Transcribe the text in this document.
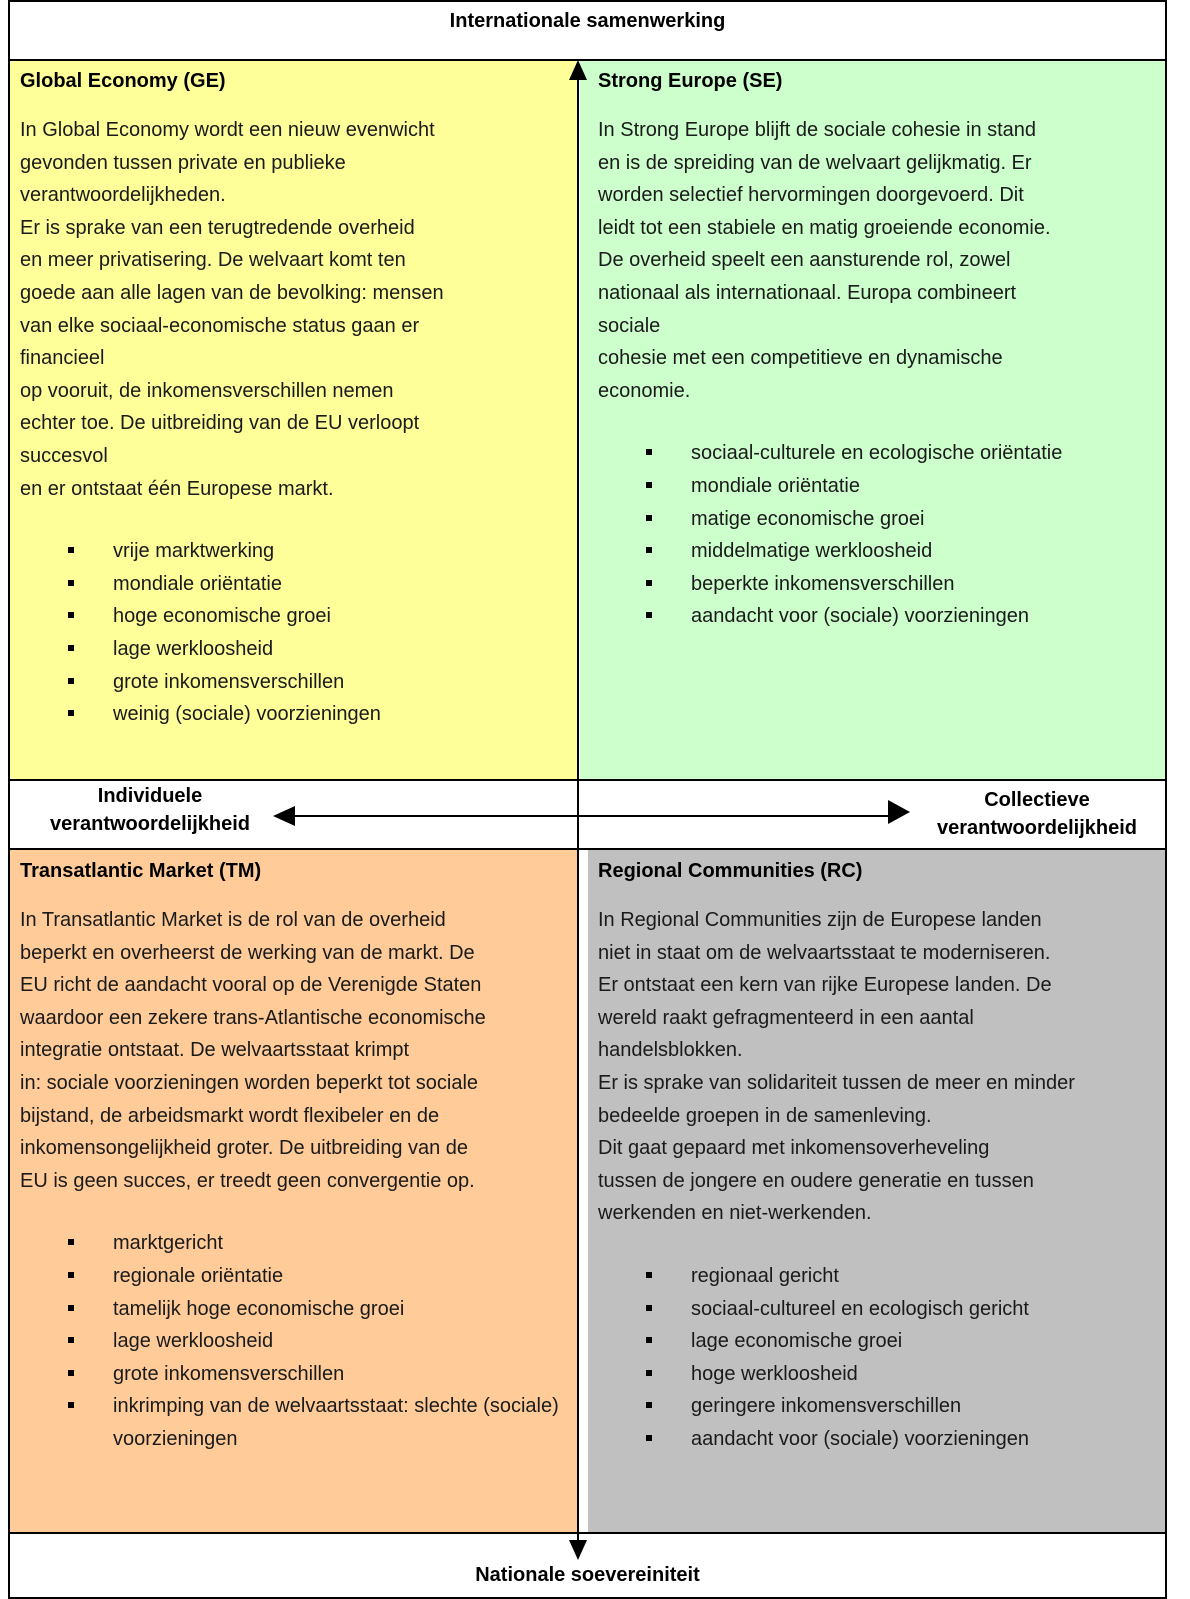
Global Economy (GE)
In Global Economy wordt een nieuw evenwicht
gevonden tussen private en publieke
verantwoordelijkheden.
Er is sprake van een terugtredende overheid
en meer privatisering. De welvaart komt ten
goede aan alle lagen van de bevolking: mensen
van elke sociaal-economische status gaan er
financieel
op vooruit, de inkomensverschillen nemen
echter toe. De uitbreiding van de EU verloopt
succesvol
en er ontstaat één Europese markt.
vrije marktwerking
mondiale oriëntatie
hoge economische groei
lage werkloosheid
grote inkomensverschillen
weinig (sociale) voorzieningen
Strong Europe (SE)
In Strong Europe blijft de sociale cohesie in stand
en is de spreiding van de welvaart gelijkmatig. Er
worden selectief hervormingen doorgevoerd. Dit
leidt tot een stabiele en matig groeiende economie.
De overheid speelt een aansturende rol, zowel
nationaal als internationaal. Europa combineert
sociale
cohesie met een competitieve en dynamische
economie.
sociaal-culturele en ecologische oriëntatie
mondiale oriëntatie
matige economische groei
middelmatige werkloosheid
beperkte inkomensverschillen
aandacht voor (sociale) voorzieningen
Transatlantic Market (TM)
In Transatlantic Market is de rol van de overheid
beperkt en overheerst de werking van de markt. De
EU richt de aandacht vooral op de Verenigde Staten
waardoor een zekere trans-Atlantische economische
integratie ontstaat. De welvaartsstaat krimpt
in: sociale voorzieningen worden beperkt tot sociale
bijstand, de arbeidsmarkt wordt flexibeler en de
inkomensongelijkheid groter. De uitbreiding van de
EU is geen succes, er treedt geen convergentie op.
marktgericht
regionale oriëntatie
tamelijk hoge economische groei
lage werkloosheid
grote inkomensverschillen
inkrimping van de welvaartsstaat: slechte (sociale) voorzieningen
Regional Communities (RC)
In Regional Communities zijn de Europese landen
niet in staat om de welvaartsstaat te moderniseren.
Er ontstaat een kern van rijke Europese landen. De
wereld raakt gefragmenteerd in een aantal
handelsblokken.
Er is sprake van solidariteit tussen de meer en minder
bedeelde groepen in de samenleving.
Dit gaat gepaard met inkomensoverheveling
tussen de jongere en oudere generatie en tussen
werkenden en niet-werkenden.
regionaal gericht
sociaal-cultureel en ecologisch gericht
lage economische groei
hoge werkloosheid
geringere inkomensverschillen
aandacht voor (sociale) voorzieningen
Internationale samenwerking
Nationale soevereiniteit
Individuele
verantwoordelijkheid
Collectieve
verantwoordelijkheid
